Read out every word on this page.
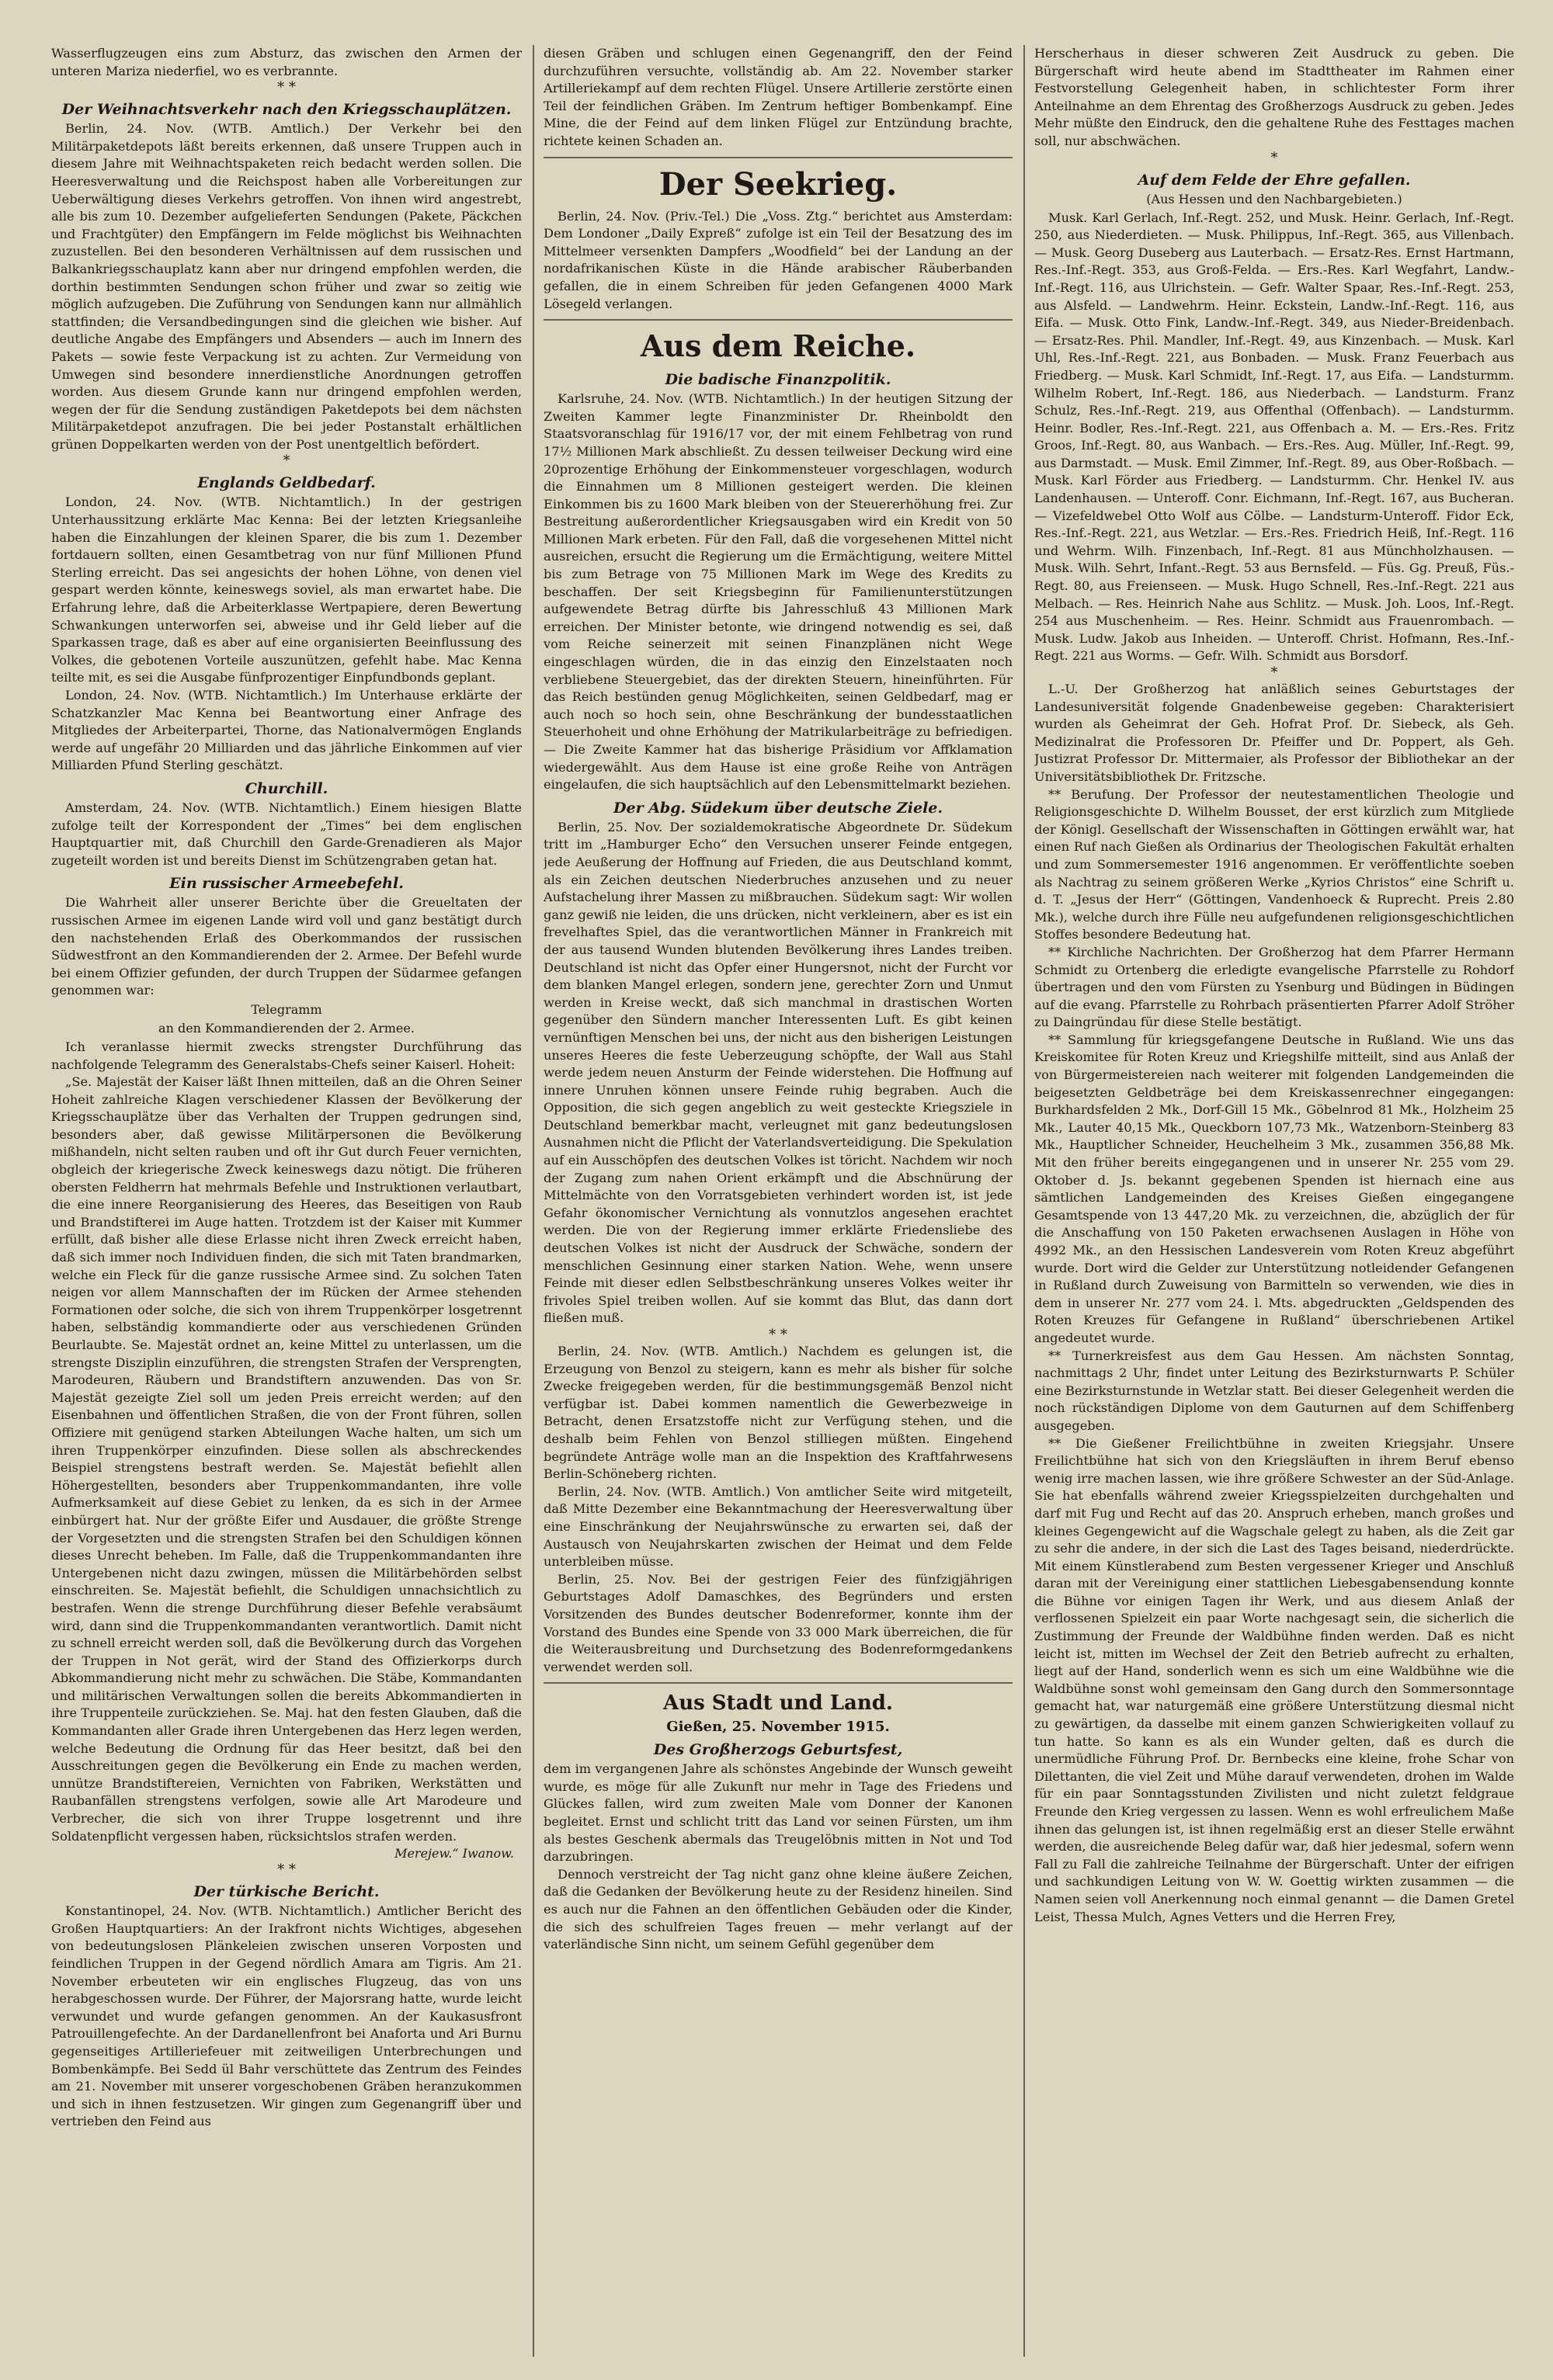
Wasserflugzeugen eins zum Absturz, das zwischen den Armen der unteren Mariza niederfiel, wo es verbrannte.

* *
Der Weihnachtsverkehr nach den Kriegsschauplätzen.

Berlin, 24. Nov. (WTB. Amtlich.) Der Verkehr bei den Militärpaketdepots läßt bereits erkennen, daß unsere Truppen auch in diesem Jahre mit Weihnachtspaketen reich bedacht werden sollen. Die Heeresverwaltung und die Reichspost haben alle Vorbereitungen zur Ueberwältigung dieses Verkehrs getroffen. Von ihnen wird angestrebt, alle bis zum 10. Dezember aufgelieferten Sendungen (Pakete, Päckchen und Frachtgüter) den Empfängern im Felde möglichst bis Weihnachten zuzustellen. Bei den besonderen Verhältnissen auf dem russischen und Balkankriegsschauplatz kann aber nur dringend empfohlen werden, die dorthin bestimmten Sendungen schon früher und zwar so zeitig wie möglich aufzugeben. Die Zuführung von Sendungen kann nur allmählich stattfinden; die Versandbedingungen sind die gleichen wie bisher. Auf deutliche Angabe des Empfängers und Absenders — auch im Innern des Pakets — sowie feste Verpackung ist zu achten. Zur Vermeidung von Umwegen sind besondere innerdienstliche Anordnungen getroffen worden. Aus diesem Grunde kann nur dringend empfohlen werden, wegen der für die Sendung zuständigen Paketdepots bei dem nächsten Militärpaketdepot anzufragen. Die bei jeder Postanstalt erhältlichen grünen Doppelkarten werden von der Post unentgeltlich befördert.

*
Englands Geldbedarf.

London, 24. Nov. (WTB. Nichtamtlich.) In der gestrigen Unterhaussitzung erklärte Mac Kenna: Bei der letzten Kriegsanleihe haben die Einzahlungen der kleinen Sparer, die bis zum 1. Dezember fortdauern sollten, einen Gesamtbetrag von nur fünf Millionen Pfund Sterling erreicht. Das sei angesichts der hohen Löhne, von denen viel gespart werden könnte, keineswegs soviel, als man erwartet habe. Die Erfahrung lehre, daß die Arbeiterklasse Wertpapiere, deren Bewertung Schwankungen unterworfen sei, abweise und ihr Geld lieber auf die Sparkassen trage, daß es aber auf eine organisierten Beeinflussung des Volkes, die gebotenen Vorteile auszunützen, gefehlt habe. Mac Kenna teilte mit, es sei die Ausgabe fünfprozentiger Einpfundbonds geplant.

London, 24. Nov. (WTB. Nichtamtlich.) Im Unterhause erklärte der Schatzkanzler Mac Kenna bei Beantwortung einer Anfrage des Mitgliedes der Arbeiterpartei, Thorne, das Nationalvermögen Englands werde auf ungefähr 20 Milliarden und das jährliche Einkommen auf vier Milliarden Pfund Sterling geschätzt.

Churchill.

Amsterdam, 24. Nov. (WTB. Nichtamtlich.) Einem hiesigen Blatte zufolge teilt der Korrespondent der „Times“ bei dem englischen Hauptquartier mit, daß Churchill den Garde-Grenadieren als Major zugeteilt worden ist und bereits Dienst im Schützengraben getan hat.

Ein russischer Armeebefehl.

Die Wahrheit aller unserer Berichte über die Greueltaten der russischen Armee im eigenen Lande wird voll und ganz bestätigt durch den nachstehenden Erlaß des Oberkommandos der russischen Südwestfront an den Kommandierenden der 2. Armee. Der Befehl wurde bei einem Offizier gefunden, der durch Truppen der Südarmee gefangen genommen war:

Telegramm

an den Kommandierenden der 2. Armee.

Ich veranlasse hiermit zwecks strengster Durchführung das nachfolgende Telegramm des Generalstabs-Chefs seiner Kaiserl. Hoheit:

„Se. Majestät der Kaiser läßt Ihnen mitteilen, daß an die Ohren Seiner Hoheit zahlreiche Klagen verschiedener Klassen der Bevölkerung der Kriegsschauplätze über das Verhalten der Truppen gedrungen sind, besonders aber, daß gewisse Militärpersonen die Bevölkerung mißhandeln, nicht selten rauben und oft ihr Gut durch Feuer vernichten, obgleich der kriegerische Zweck keineswegs dazu nötigt. Die früheren obersten Feldherrn hat mehrmals Befehle und Instruktionen verlautbart, die eine innere Reorganisierung des Heeres, das Beseitigen von Raub und Brandstifterei im Auge hatten. Trotzdem ist der Kaiser mit Kummer erfüllt, daß bisher alle diese Erlasse nicht ihren Zweck erreicht haben, daß sich immer noch Individuen finden, die sich mit Taten brandmarken, welche ein Fleck für die ganze russische Armee sind. Zu solchen Taten neigen vor allem Mannschaften der im Rücken der Armee stehenden Formationen oder solche, die sich von ihrem Truppenkörper losgetrennt haben, selbständig kommandierte oder aus verschiedenen Gründen Beurlaubte. Se. Majestät ordnet an, keine Mittel zu unterlassen, um die strengste Disziplin einzuführen, die strengsten Strafen der Versprengten, Marodeuren, Räubern und Brandstiftern anzuwenden. Das von Sr. Majestät gezeigte Ziel soll um jeden Preis erreicht werden; auf den Eisenbahnen und öffentlichen Straßen, die von der Front führen, sollen Offiziere mit genügend starken Abteilungen Wache halten, um sich um ihren Truppenkörper einzufinden. Diese sollen als abschreckendes Beispiel strengstens bestraft werden. Se. Majestät befiehlt allen Höhergestellten, besonders aber Truppenkommandanten, ihre volle Aufmerksamkeit auf diese Gebiet zu lenken, da es sich in der Armee einbürgert hat. Nur der größte Eifer und Ausdauer, die größte Strenge der Vorgesetzten und die strengsten Strafen bei den Schuldigen können dieses Unrecht beheben. Im Falle, daß die Truppenkommandanten ihre Untergebenen nicht dazu zwingen, müssen die Militärbehörden selbst einschreiten. Se. Majestät befiehlt, die Schuldigen unnachsichtlich zu bestrafen. Wenn die strenge Durchführung dieser Befehle verabsäumt wird, dann sind die Truppenkommandanten verantwortlich. Damit nicht zu schnell erreicht werden soll, daß die Bevölkerung durch das Vorgehen der Truppen in Not gerät, wird der Stand des Offizierkorps durch Abkommandierung nicht mehr zu schwächen. Die Stäbe, Kommandanten und militärischen Verwaltungen sollen die bereits Abkommandierten in ihre Truppenteile zurückziehen. Se. Maj. hat den festen Glauben, daß die Kommandanten aller Grade ihren Untergebenen das Herz legen werden, welche Bedeutung die Ordnung für das Heer besitzt, daß bei den Ausschreitungen gegen die Bevölkerung ein Ende zu machen werden, unnütze Brandstiftereien, Vernichten von Fabriken, Werkstätten und Raubanfällen strengstens verfolgen, sowie alle Art Marodeure und Verbrecher, die sich von ihrer Truppe losgetrennt und ihre Soldatenpflicht vergessen haben, rücksichtslos strafen werden.

Merejew.“ Iwanow.
* *
Der türkische Bericht.

Konstantinopel, 24. Nov. (WTB. Nichtamtlich.) Amtlicher Bericht des Großen Hauptquartiers: An der Irakfront nichts Wichtiges, abgesehen von bedeutungslosen Plänkeleien zwischen unseren Vorposten und feindlichen Truppen in der Gegend nördlich Amara am Tigris. Am 21. November erbeuteten wir ein englisches Flugzeug, das von uns herabgeschossen wurde. Der Führer, der Majorsrang hatte, wurde leicht verwundet und wurde gefangen genommen. An der Kaukasusfront Patrouillengefechte. An der Dardanellenfront bei Anaforta und Ari Burnu gegenseitiges Artilleriefeuer mit zeitweiligen Unterbrechungen und Bombenkämpfe. Bei Sedd ül Bahr verschüttete das Zentrum des Feindes am 21. November mit unserer vorgeschobenen Gräben heranzukommen und sich in ihnen festzusetzen. Wir gingen zum Gegenangriff über und vertrieben den Feind aus

diesen Gräben und schlugen einen Gegenangriff, den der Feind durchzuführen versuchte, vollständig ab. Am 22. November starker Artilleriekampf auf dem rechten Flügel. Unsere Artillerie zerstörte einen Teil der feindlichen Gräben. Im Zentrum heftiger Bombenkampf. Eine Mine, die der Feind auf dem linken Flügel zur Entzündung brachte, richtete keinen Schaden an.

Der Seekrieg.

Berlin, 24. Nov. (Priv.-Tel.) Die „Voss. Ztg.“ berichtet aus Amsterdam: Dem Londoner „Daily Expreß“ zufolge ist ein Teil der Besatzung des im Mittelmeer versenkten Dampfers „Woodfield“ bei der Landung an der nordafrikanischen Küste in die Hände arabischer Räuberbanden gefallen, die in einem Schreiben für jeden Gefangenen 4000 Mark Lösegeld verlangen.

Aus dem Reiche.
Die badische Finanzpolitik.

Karlsruhe, 24. Nov. (WTB. Nichtamtlich.) In der heutigen Sitzung der Zweiten Kammer legte Finanzminister Dr. Rheinboldt den Staatsvoranschlag für 1916/17 vor, der mit einem Fehlbetrag von rund 17½ Millionen Mark abschließt. Zu dessen teilweiser Deckung wird eine 20prozentige Erhöhung der Einkommensteuer vorgeschlagen, wodurch die Einnahmen um 8 Millionen gesteigert werden. Die kleinen Einkommen bis zu 1600 Mark bleiben von der Steuererhöhung frei. Zur Bestreitung außerordentlicher Kriegsausgaben wird ein Kredit von 50 Millionen Mark erbeten. Für den Fall, daß die vorgesehenen Mittel nicht ausreichen, ersucht die Regierung um die Ermächtigung, weitere Mittel bis zum Betrage von 75 Millionen Mark im Wege des Kredits zu beschaffen. Der seit Kriegsbeginn für Familienunterstützungen aufgewendete Betrag dürfte bis Jahresschluß 43 Millionen Mark erreichen. Der Minister betonte, wie dringend notwendig es sei, daß vom Reiche seinerzeit mit seinen Finanzplänen nicht Wege eingeschlagen würden, die in das einzig den Einzelstaaten noch verbliebene Steuergebiet, das der direkten Steuern, hineinführten. Für das Reich bestünden genug Möglichkeiten, seinen Geldbedarf, mag er auch noch so hoch sein, ohne Beschränkung der bundesstaatlichen Steuerhoheit und ohne Erhöhung der Matrikularbeiträge zu befriedigen. — Die Zweite Kammer hat das bisherige Präsidium vor Affklamation wiedergewählt. Aus dem Hause ist eine große Reihe von Anträgen eingelaufen, die sich hauptsächlich auf den Lebensmittelmarkt beziehen.

Der Abg. Südekum über deutsche Ziele.

Berlin, 25. Nov. Der sozialdemokratische Abgeordnete Dr. Südekum tritt im „Hamburger Echo“ den Versuchen unserer Feinde entgegen, jede Aeußerung der Hoffnung auf Frieden, die aus Deutschland kommt, als ein Zeichen deutschen Niederbruches anzusehen und zu neuer Aufstachelung ihrer Massen zu mißbrauchen. Südekum sagt: Wir wollen ganz gewiß nie leiden, die uns drücken, nicht verkleinern, aber es ist ein frevelhaftes Spiel, das die verantwortlichen Männer in Frankreich mit der aus tausend Wunden blutenden Bevölkerung ihres Landes treiben. Deutschland ist nicht das Opfer einer Hungersnot, nicht der Furcht vor dem blanken Mangel erlegen, sondern jene, gerechter Zorn und Unmut werden in Kreise weckt, daß sich manchmal in drastischen Worten gegenüber den Sündern mancher Interessenten Luft. Es gibt keinen vernünftigen Menschen bei uns, der nicht aus den bisherigen Leistungen unseres Heeres die feste Ueberzeugung schöpfte, der Wall aus Stahl werde jedem neuen Ansturm der Feinde widerstehen. Die Hoffnung auf innere Unruhen können unsere Feinde ruhig begraben. Auch die Opposition, die sich gegen angeblich zu weit gesteckte Kriegsziele in Deutschland bemerkbar macht, verleugnet mit ganz bedeutungslosen Ausnahmen nicht die Pflicht der Vaterlandsverteidigung. Die Spekulation auf ein Ausschöpfen des deutschen Volkes ist töricht. Nachdem wir noch der Zugang zum nahen Orient erkämpft und die Abschnürung der Mittelmächte von den Vorratsgebieten verhindert worden ist, ist jede Gefahr ökonomischer Vernichtung als vonnutzlos angesehen erachtet werden. Die von der Regierung immer erklärte Friedensliebe des deutschen Volkes ist nicht der Ausdruck der Schwäche, sondern der menschlichen Gesinnung einer starken Nation. Wehe, wenn unsere Feinde mit dieser edlen Selbstbeschränkung unseres Volkes weiter ihr frivoles Spiel treiben wollen. Auf sie kommt das Blut, das dann dort fließen muß.

* *

Berlin, 24. Nov. (WTB. Amtlich.) Nachdem es gelungen ist, die Erzeugung von Benzol zu steigern, kann es mehr als bisher für solche Zwecke freigegeben werden, für die bestimmungsgemäß Benzol nicht verfügbar ist. Dabei kommen namentlich die Gewerbezweige in Betracht, denen Ersatzstoffe nicht zur Verfügung stehen, und die deshalb beim Fehlen von Benzol stilliegen müßten. Eingehend begründete Anträge wolle man an die Inspektion des Kraftfahrwesens Berlin-Schöneberg richten.

Berlin, 24. Nov. (WTB. Amtlich.) Von amtlicher Seite wird mitgeteilt, daß Mitte Dezember eine Bekanntmachung der Heeresverwaltung über eine Einschränkung der Neujahrswünsche zu erwarten sei, daß der Austausch von Neujahrskarten zwischen der Heimat und dem Felde unterbleiben müsse.

Berlin, 25. Nov. Bei der gestrigen Feier des fünfzigjährigen Geburtstages Adolf Damaschkes, des Begründers und ersten Vorsitzenden des Bundes deutscher Bodenreformer, konnte ihm der Vorstand des Bundes eine Spende von 33 000 Mark überreichen, die für die Weiterausbreitung und Durchsetzung des Bodenreformgedankens verwendet werden soll.

Aus Stadt und Land.
Gießen, 25. November 1915.
Des Großherzogs Geburtsfest,

dem im vergangenen Jahre als schönstes Angebinde der Wunsch geweiht wurde, es möge für alle Zukunft nur mehr in Tage des Friedens und Glückes fallen, wird zum zweiten Male vom Donner der Kanonen begleitet. Ernst und schlicht tritt das Land vor seinen Fürsten, um ihm als bestes Geschenk abermals das Treugelöbnis mitten in Not und Tod darzubringen.

Dennoch verstreicht der Tag nicht ganz ohne kleine äußere Zeichen, daß die Gedanken der Bevölkerung heute zu der Residenz hineilen. Sind es auch nur die Fahnen an den öffentlichen Gebäuden oder die Kinder, die sich des schulfreien Tages freuen — mehr verlangt auf der vaterländische Sinn nicht, um seinem Gefühl gegenüber dem

Herscherhaus in dieser schweren Zeit Ausdruck zu geben. Die Bürgerschaft wird heute abend im Stadttheater im Rahmen einer Festvorstellung Gelegenheit haben, in schlichtester Form ihrer Anteilnahme an dem Ehrentag des Großherzogs Ausdruck zu geben. Jedes Mehr müßte den Eindruck, den die gehaltene Ruhe des Festtages machen soll, nur abschwächen.

*
Auf dem Felde der Ehre gefallen.
(Aus Hessen und den Nachbargebieten.)

Musk. Karl Gerlach, Inf.-Regt. 252, und Musk. Heinr. Gerlach, Inf.-Regt. 250, aus Niederdieten. — Musk. Philippus, Inf.-Regt. 365, aus Villenbach. — Musk. Georg Duseberg aus Lauterbach. — Ersatz-Res. Ernst Hartmann, Res.-Inf.-Regt. 353, aus Groß-Felda. — Ers.-Res. Karl Wegfahrt, Landw.-Inf.-Regt. 116, aus Ulrichstein. — Gefr. Walter Spaar, Res.-Inf.-Regt. 253, aus Alsfeld. — Landwehrm. Heinr. Eckstein, Landw.-Inf.-Regt. 116, aus Eifa. — Musk. Otto Fink, Landw.-Inf.-Regt. 349, aus Nieder-Breidenbach. — Ersatz-Res. Phil. Mandler, Inf.-Regt. 49, aus Kinzenbach. — Musk. Karl Uhl, Res.-Inf.-Regt. 221, aus Bonbaden. — Musk. Franz Feuerbach aus Friedberg. — Musk. Karl Schmidt, Inf.-Regt. 17, aus Eifa. — Landsturmm. Wilhelm Robert, Inf.-Regt. 186, aus Niederbach. — Landsturm. Franz Schulz, Res.-Inf.-Regt. 219, aus Offenthal (Offenbach). — Landsturmm. Heinr. Bodler, Res.-Inf.-Regt. 221, aus Offenbach a. M. — Ers.-Res. Fritz Groos, Inf.-Regt. 80, aus Wanbach. — Ers.-Res. Aug. Müller, Inf.-Regt. 99, aus Darmstadt. — Musk. Emil Zimmer, Inf.-Regt. 89, aus Ober-Roßbach. — Musk. Karl Förder aus Friedberg. — Landsturmm. Chr. Henkel IV. aus Landenhausen. — Unteroff. Conr. Eichmann, Inf.-Regt. 167, aus Bucheran. — Vizefeldwebel Otto Wolf aus Cölbe. — Landsturm-Unteroff. Fidor Eck, Res.-Inf.-Regt. 221, aus Wetzlar. — Ers.-Res. Friedrich Heiß, Inf.-Regt. 116 und Wehrm. Wilh. Finzenbach, Inf.-Regt. 81 aus Münchholzhausen. — Musk. Wilh. Sehrt, Infant.-Regt. 53 aus Bernsfeld. — Füs. Gg. Preuß, Füs.-Regt. 80, aus Freienseen. — Musk. Hugo Schnell, Res.-Inf.-Regt. 221 aus Melbach. — Res. Heinrich Nahe aus Schlitz. — Musk. Joh. Loos, Inf.-Regt. 254 aus Muschenheim. — Res. Heinr. Schmidt aus Frauenrombach. — Musk. Ludw. Jakob aus Inheiden. — Unteroff. Christ. Hofmann, Res.-Inf.-Regt. 221 aus Worms. — Gefr. Wilh. Schmidt aus Borsdorf.

*

L.-U. Der Großherzog hat anläßlich seines Geburtstages der Landesuniversität folgende Gnadenbeweise gegeben: Charakterisiert wurden als Geheimrat der Geh. Hofrat Prof. Dr. Siebeck, als Geh. Medizinalrat die Professoren Dr. Pfeiffer und Dr. Poppert, als Geh. Justizrat Professor Dr. Mittermaier, als Professor der Bibliothekar an der Universitätsbibliothek Dr. Fritzsche.

** Berufung. Der Professor der neutestamentlichen Theologie und Religionsgeschichte D. Wilhelm Bousset, der erst kürzlich zum Mitgliede der Königl. Gesellschaft der Wissenschaften in Göttingen erwählt war, hat einen Ruf nach Gießen als Ordinarius der Theologischen Fakultät erhalten und zum Sommersemester 1916 angenommen. Er veröffentlichte soeben als Nachtrag zu seinem größeren Werke „Kyrios Christos“ eine Schrift u. d. T. „Jesus der Herr“ (Göttingen, Vandenhoeck & Ruprecht. Preis 2.80 Mk.), welche durch ihre Fülle neu aufgefundenen religionsgeschichtlichen Stoffes besondere Bedeutung hat.

** Kirchliche Nachrichten. Der Großherzog hat dem Pfarrer Hermann Schmidt zu Ortenberg die erledigte evangelische Pfarrstelle zu Rohdorf übertragen und den vom Fürsten zu Ysenburg und Büdingen in Büdingen auf die evang. Pfarrstelle zu Rohrbach präsentierten Pfarrer Adolf Ströher zu Daingründau für diese Stelle bestätigt.

** Sammlung für kriegsgefangene Deutsche in Rußland. Wie uns das Kreiskomitee für Roten Kreuz und Kriegshilfe mitteilt, sind aus Anlaß der von Bürgermeistereien nach weiterer mit folgenden Landgemeinden die beigesetzten Geldbeträge bei dem Kreiskassenrechner eingegangen: Burkhardsfelden 2 Mk., Dorf-Gill 15 Mk., Göbelnrod 81 Mk., Holzheim 25 Mk., Lauter 40,15 Mk., Queckborn 107,73 Mk., Watzenborn-Steinberg 83 Mk., Hauptlicher Schneider, Heuchelheim 3 Mk., zusammen 356,88 Mk. Mit den früher bereits eingegangenen und in unserer Nr. 255 vom 29. Oktober d. Js. bekannt gegebenen Spenden ist hiernach eine aus sämtlichen Landgemeinden des Kreises Gießen eingegangene Gesamtspende von 13 447,20 Mk. zu verzeichnen, die, abzüglich der für die Anschaffung von 150 Paketen erwachsenen Auslagen in Höhe von 4992 Mk., an den Hessischen Landesverein vom Roten Kreuz abgeführt wurde. Dort wird die Gelder zur Unterstützung notleidender Gefangenen in Rußland durch Zuweisung von Barmitteln so verwenden, wie dies in dem in unserer Nr. 277 vom 24. l. Mts. abgedruckten „Geldspenden des Roten Kreuzes für Gefangene in Rußland“ überschriebenen Artikel angedeutet wurde.

** Turnerkreisfest aus dem Gau Hessen. Am nächsten Sonntag, nachmittags 2 Uhr, findet unter Leitung des Bezirksturnwarts P. Schüler eine Bezirksturnstunde in Wetzlar statt. Bei dieser Gelegenheit werden die noch rückständigen Diplome von dem Gauturnen auf dem Schiffenberg ausgegeben.

** Die Gießener Freilichtbühne in zweiten Kriegsjahr. Unsere Freilichtbühne hat sich von den Kriegsläuften in ihrem Beruf ebenso wenig irre machen lassen, wie ihre größere Schwester an der Süd-Anlage. Sie hat ebenfalls während zweier Kriegsspielzeiten durchgehalten und darf mit Fug und Recht auf das 20. Anspruch erheben, manch großes und kleines Gegengewicht auf die Wagschale gelegt zu haben, als die Zeit gar zu sehr die andere, in der sich die Last des Tages beisand, niederdrückte. Mit einem Künstlerabend zum Besten vergessener Krieger und Anschluß daran mit der Vereinigung einer stattlichen Liebesgabensendung konnte die Bühne vor einigen Tagen ihr Werk, und aus diesem Anlaß der verflossenen Spielzeit ein paar Worte nachgesagt sein, die sicherlich die Zustimmung der Freunde der Waldbühne finden werden. Daß es nicht leicht ist, mitten im Wechsel der Zeit den Betrieb aufrecht zu erhalten, liegt auf der Hand, sonderlich wenn es sich um eine Waldbühne wie die Waldbühne sonst wohl gemeinsam den Gang durch den Sommersonntage gemacht hat, war naturgemäß eine größere Unterstützung diesmal nicht zu gewärtigen, da dasselbe mit einem ganzen Schwierigkeiten vollauf zu tun hatte. So kann es als ein Wunder gelten, daß es durch die unermüdliche Führung Prof. Dr. Bernbecks eine kleine, frohe Schar von Dilettanten, die viel Zeit und Mühe darauf verwendeten, drohen im Walde für ein paar Sonntagsstunden Zivilisten und nicht zuletzt feldgraue Freunde den Krieg vergessen zu lassen. Wenn es wohl erfreulichem Maße ihnen das gelungen ist, ist ihnen regelmäßig erst an dieser Stelle erwähnt werden, die ausreichende Beleg dafür war, daß hier jedesmal, sofern wenn Fall zu Fall die zahlreiche Teilnahme der Bürgerschaft. Unter der eifrigen und sachkundigen Leitung von W. W. Goettig wirkten zusammen — die Namen seien voll Anerkennung noch einmal genannt — die Damen Gretel Leist, Thessa Mulch, Agnes Vetters und die Herren Frey,
